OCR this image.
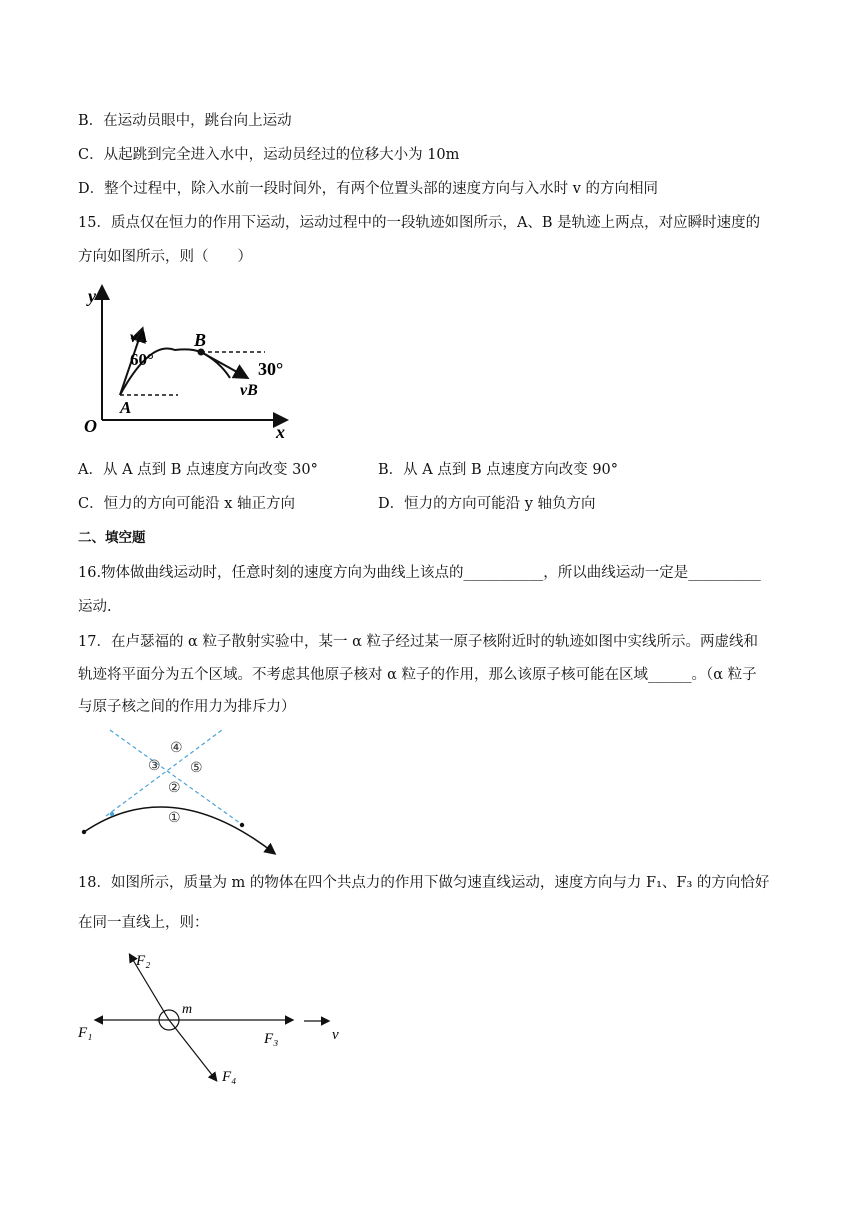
B．在运动员眼中，跳台向上运动
C．从起跳到完全进入水中，运动员经过的位移大小为 10m
D．整个过程中，除入水前一段时间外，有两个位置头部的速度方向与入水时 v 的方向相同
15．质点仅在恒力的作用下运动，运动过程中的一段轨迹如图所示，A、B 是轨迹上两点，对应瞬时速度的
方向如图所示，则（　　）
y
x
O
vA
60°
A
B
vB
30°
A．从 A 点到 B 点速度方向改变 30°	B．从 A 点到 B 点速度方向改变 90°
C．恒力的方向可能沿 x 轴正方向	D．恒力的方向可能沿 y 轴负方向
二、填空题
16.物体做曲线运动时，任意时刻的速度方向为曲线上该点的___________，所以曲线运动一定是__________
运动.
17．在卢瑟福的 α 粒子散射实验中，某一 α 粒子经过某一原子核附近时的轨迹如图中实线所示。两虚线和
轨迹将平面分为五个区域。不考虑其他原子核对 α 粒子的作用，那么该原子核可能在区域______。（α 粒子
与原子核之间的作用力为排斥力）
①
②
③
④
⑤
18．如图所示，质量为 m 的物体在四个共点力的作用下做匀速直线运动，速度方向与力 F₁、F₃ 的方向恰好
在同一直线上，则：
m
F₁
F₂
F₃
F₄
v
